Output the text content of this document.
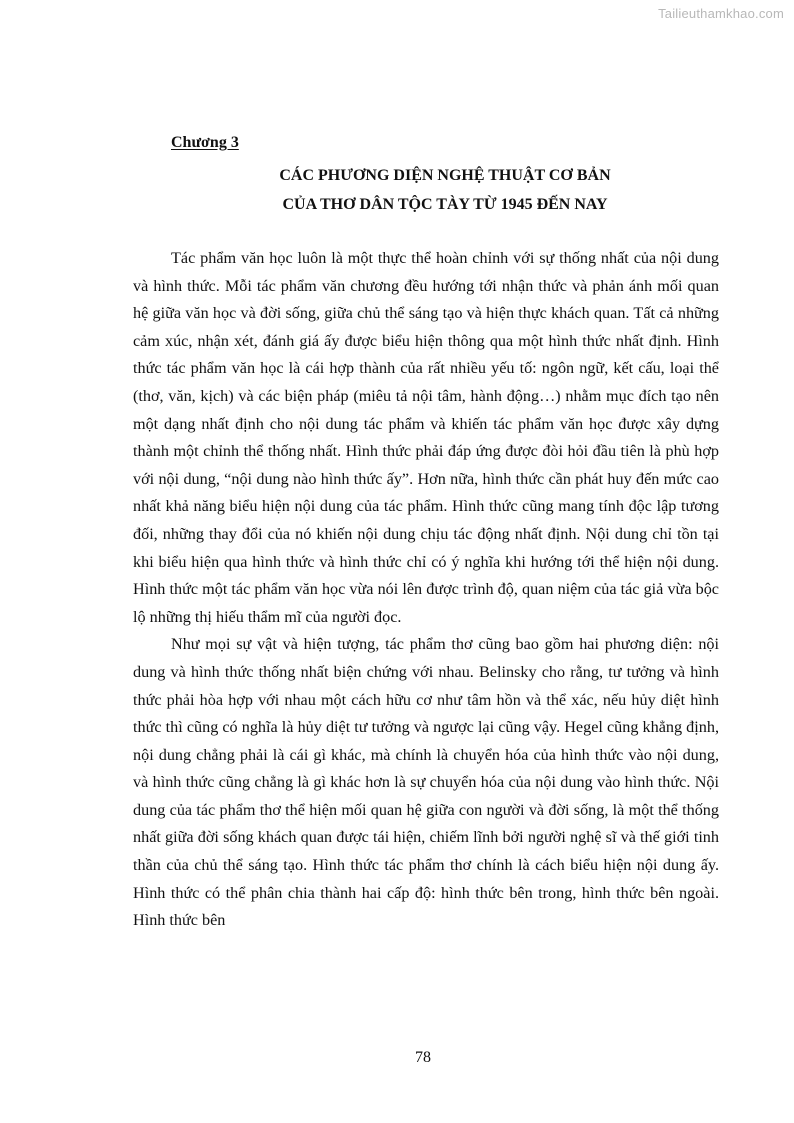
Tailieuthamkhao.com
Chương 3
CÁC PHƯƠNG DIỆN NGHỆ THUẬT CƠ BẢN
CỦA THƠ DÂN TỘC TÀY TỪ 1945 ĐẾN NAY

Tác phẩm văn học luôn là một thực thể hoàn chỉnh với sự thống nhất của nội dung và hình thức. Mỗi tác phẩm văn chương đều hướng tới nhận thức và phản ánh mối quan hệ giữa văn học và đời sống, giữa chủ thể sáng tạo và hiện thực khách quan. Tất cả những cảm xúc, nhận xét, đánh giá ấy được biểu hiện thông qua một hình thức nhất định. Hình thức tác phẩm văn học là cái hợp thành của rất nhiều yếu tố: ngôn ngữ, kết cấu, loại thể (thơ, văn, kịch) và các biện pháp (miêu tả nội tâm, hành động…) nhằm mục đích tạo nên một dạng nhất định cho nội dung tác phẩm và khiến tác phẩm văn học được xây dựng thành một chỉnh thể thống nhất. Hình thức phải đáp ứng được đòi hỏi đầu tiên là phù hợp với nội dung, “nội dung nào hình thức ấy”. Hơn nữa, hình thức cần phát huy đến mức cao nhất khả năng biểu hiện nội dung của tác phẩm. Hình thức cũng mang tính độc lập tương đối, những thay đổi của nó khiến nội dung chịu tác động nhất định. Nội dung chỉ tồn tại khi biểu hiện qua hình thức và hình thức chỉ có ý nghĩa khi hướng tới thể hiện nội dung. Hình thức một tác phẩm văn học vừa nói lên được trình độ, quan niệm của tác giả vừa bộc lộ những thị hiếu thẩm mĩ của người đọc.

Như mọi sự vật và hiện tượng, tác phẩm thơ cũng bao gồm hai phương diện: nội dung và hình thức thống nhất biện chứng với nhau. Belinsky cho rằng, tư tưởng và hình thức phải hòa hợp với nhau một cách hữu cơ như tâm hồn và thể xác, nếu hủy diệt hình thức thì cũng có nghĩa là hủy diệt tư tưởng và ngược lại cũng vậy. Hegel cũng khẳng định, nội dung chẳng phải là cái gì khác, mà chính là chuyển hóa của hình thức vào nội dung, và hình thức cũng chẳng là gì khác hơn là sự chuyển hóa của nội dung vào hình thức. Nội dung của tác phẩm thơ thể hiện mối quan hệ giữa con người và đời sống, là một thể thống nhất giữa đời sống khách quan được tái hiện, chiếm lĩnh bởi người nghệ sĩ và thế giới tinh thần của chủ thể sáng tạo. Hình thức tác phẩm thơ chính là cách biểu hiện nội dung ấy. Hình thức có thể phân chia thành hai cấp độ: hình thức bên trong, hình thức bên ngoài. Hình thức bên

78
